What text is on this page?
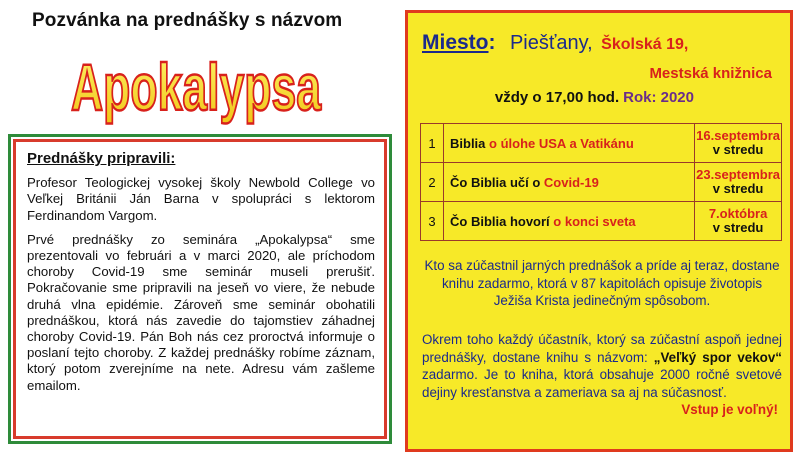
Pozvánka na prednášky s názvom
Apokalypsa
Prednášky pripravili:

Profesor Teologickej vysokej školy Newbold College vo Veľkej Británii Ján Barna v spolupráci s lektorom Ferdinandom Vargom.

Prvé prednášky zo seminára „Apokalypsa“ sme prezentovali vo februári a v marci 2020, ale príchodom choroby Covid-19 sme seminár museli prerušiť. Pokračovanie sme pripravili na jeseň vo viere, že nebude druhá vlna epidémie. Zároveň sme seminár obohatili prednáškou, ktorá nás zavedie do tajomstiev záhadnej choroby Covid-19. Pán Boh nás cez proroctvá informuje o poslaní tejto choroby. Z každej prednášky robíme záznam, ktorý potom zverejníme na nete. Adresu vám zašleme emailom.

Miesto: Piešťany, Školská 19,
Mestská knižnica
vždy o 17,00 hod. Rok: 2020
1	Biblia o úlohe USA a Vatikánu	16.septembra
v stredu
2	Čo Biblia učí o Covid-19	23.septembra
v stredu
3	Čo Biblia hovorí o konci sveta	7.októbra
v stredu
Kto sa zúčastnil jarných prednášok a príde aj teraz, dostane knihu zadarmo, ktorá v 87 kapitolách opisuje životopis Ježiša Krista jedinečným spôsobom.
Okrem toho každý účastník, ktorý sa zúčastní aspoň jednej prednášky, dostane knihu s názvom: „Veľký spor vekov“ zadarmo. Je to kniha, ktorá obsahuje 2000 ročné svetové dejiny kresťanstva a zameriava sa aj na súčasnosť.
Vstup je voľný!
